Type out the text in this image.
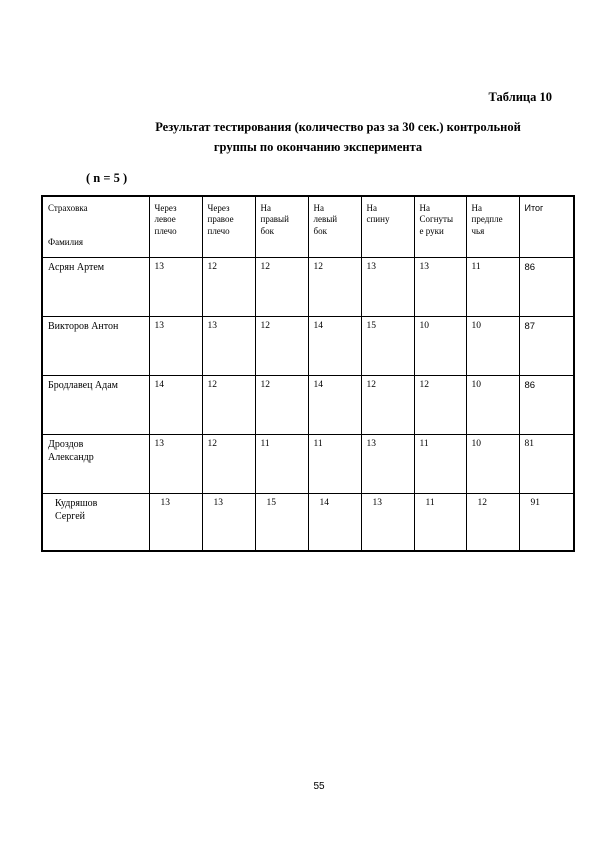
Таблица 10
Результат тестирования (количество раз за 30 сек.) контрольной
группы по окончанию эксперимента
( n = 5 )
Страховка

Фамилия	Через
левое
плечо	Через
правое
плечо	На
правый
бок	На
левый
бок	На
спину	На
Согнуты
е руки	На
предпле
чья	Итог
Асрян Артем	13	12	12	12	13	13	11	86
Викторов Антон	13	13	12	14	15	10	10	87
Бродлавец Адам	14	12	12	14	12	12	10	86
Дроздов
Александр	13	12	11	11	13	11	10	81
Кудряшов
Сергей	13	13	15	14	13	11	12	91
55
